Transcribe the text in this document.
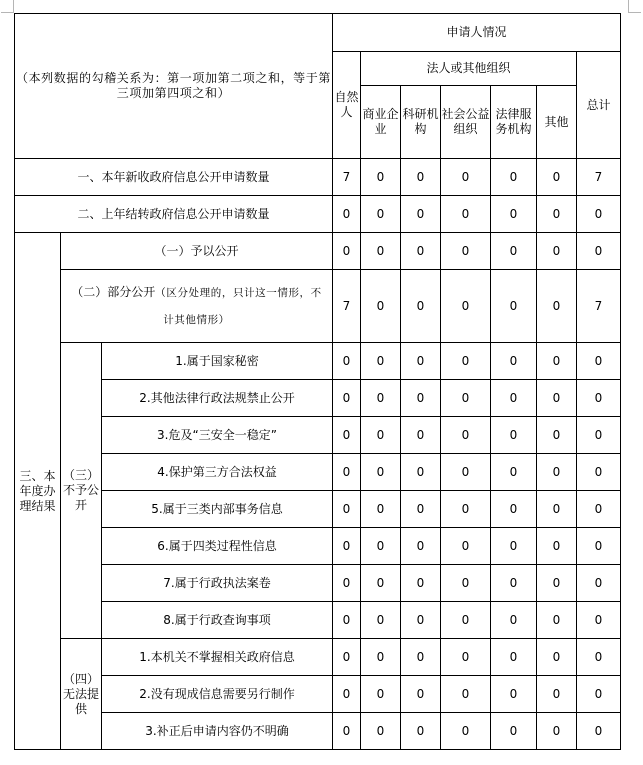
（本列数据的勾稽关系为：第一项加第二项之和，等于第三项加第四项之和）			申请人情况						
			自然人	法人或其他组织					总计
				商业企业	科研机构	社会公益组织	法律服务机构	其他	

一、本年新收政府信息公开申请数量			7	0	0	0	0	0	7
二、上年结转政府信息公开申请数量			0	0	0	0	0	0	0
三、本年度办理结果	（一）予以公开		0	0	0	0	0	0	0
	（二）部分公开（区分处理的，只计这一情形，不计其他情形）		7	0	0	0	0	0	7
	（三）不予公开	1.属于国家秘密	0	0	0	0	0	0	0
		2.其他法律行政法规禁止公开	0	0	0	0	0	0	0
		3.危及“三安全一稳定”	0	0	0	0	0	0	0
		4.保护第三方合法权益	0	0	0	0	0	0	0
		5.属于三类内部事务信息	0	0	0	0	0	0	0
		6.属于四类过程性信息	0	0	0	0	0	0	0
		7.属于行政执法案卷	0	0	0	0	0	0	0
		8.属于行政查询事项	0	0	0	0	0	0	0
	（四）无法提供	1.本机关不掌握相关政府信息	0	0	0	0	0	0	0
		2.没有现成信息需要另行制作	0	0	0	0	0	0	0
		3.补正后申请内容仍不明确	0	0	0	0	0	0	0
